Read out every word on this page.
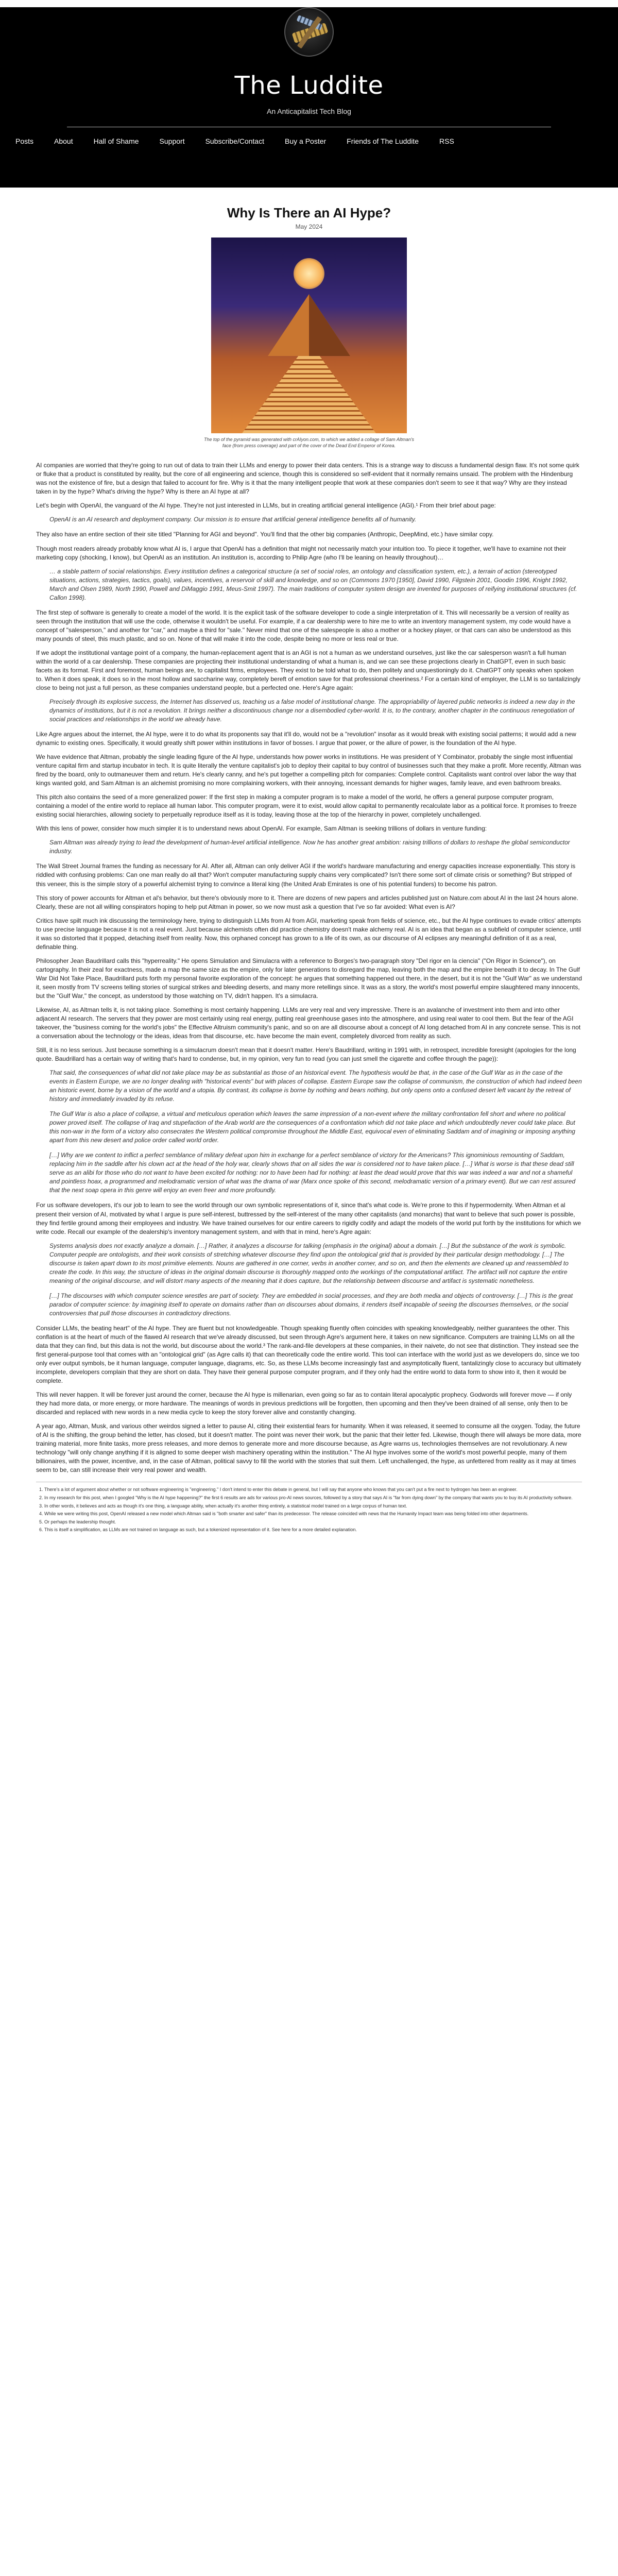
The Luddite
An Anticapitalist Tech Blog
Posts	About	Hall of Shame	Support	Subscribe/Contact	Buy a Poster	Friends of The Luddite	RSS
Why Is There an AI Hype?
May 2024
The top of the pyramid was generated with crAIyon.com, to which we added a collage of Sam Altman's face (from press coverage) and part of the cover of the Dead End Emperor of Korea.

AI companies are worried that they're going to run out of data to train their LLMs and energy to power their data centers. This is a strange way to discuss a fundamental design flaw. It's not some quirk or fluke that a product is constituted by reality, but the core of all engineering and science, though this is considered so self-evident that it normally remains unsaid. The problem with the Hindenburg was not the existence of fire, but a design that failed to account for fire. Why is it that the many intelligent people that work at these companies don't seem to see it that way? Why are they instead taken in by the hype? What's driving the hype? Why is there an AI hype at all?

Let's begin with OpenAI, the vanguard of the AI hype. They're not just interested in LLMs, but in creating artificial general intelligence (AGI).¹ From their brief about page:

OpenAI is an AI research and deployment company. Our mission is to ensure that artificial general intelligence benefits all of humanity.

They also have an entire section of their site titled "Planning for AGI and beyond". You'll find that the other big companies (Anthropic, DeepMind, etc.) have similar copy.

Though most readers already probably know what AI is, I argue that OpenAI has a definition that might not necessarily match your intuition too. To piece it together, we'll have to examine not their marketing copy (shocking, I know), but OpenAI as an institution. An institution is, according to Philip Agre (who I'll be leaning on heavily throughout)…

… a stable pattern of social relationships. Every institution defines a categorical structure (a set of social roles, an ontology and classification system, etc.), a terrain of action (stereotyped situations, actions, strategies, tactics, goals), values, incentives, a reservoir of skill and knowledge, and so on (Commons 1970 [1950], David 1990, Filgstein 2001, Goodin 1996, Knight 1992, March and Olsen 1989, North 1990, Powell and DiMaggio 1991, Meus-Smit 1997). The main traditions of computer system design are invented for purposes of reifying institutional structures (cf. Callon 1998).

The first step of software is generally to create a model of the world. It is the explicit task of the software developer to code a single interpretation of it. This will necessarily be a version of reality as seen through the institution that will use the code, otherwise it wouldn't be useful. For example, if a car dealership were to hire me to write an inventory management system, my code would have a concept of "salesperson," and another for "car," and maybe a third for "sale." Never mind that one of the salespeople is also a mother or a hockey player, or that cars can also be understood as this many pounds of steel, this much plastic, and so on. None of that will make it into the code, despite being no more or less real or true.

If we adopt the institutional vantage point of a company, the human-replacement agent that is an AGI is not a human as we understand ourselves, just like the car salesperson wasn't a full human within the world of a car dealership. These companies are projecting their institutional understanding of what a human is, and we can see these projections clearly in ChatGPT, even in such basic facets as its format. First and foremost, human beings are, to capitalist firms, employees. They exist to be told what to do, then politely and unquestioningly do it. ChatGPT only speaks when spoken to. When it does speak, it does so in the most hollow and saccharine way, completely bereft of emotion save for that professional cheeriness.² For a certain kind of employer, the LLM is so tantalizingly close to being not just a full person, as these companies understand people, but a perfected one. Here's Agre again:

Precisely through its explosive success, the Internet has disserved us, teaching us a false model of institutional change. The appropriability of layered public networks is indeed a new day in the dynamics of institutions, but it is not a revolution. It brings neither a discontinuous change nor a disembodied cyber-world. It is, to the contrary, another chapter in the continuous renegotiation of social practices and relationships in the world we already have.

Like Agre argues about the internet, the AI hype, were it to do what its proponents say that it'll do, would not be a "revolution" insofar as it would break with existing social patterns; it would add a new dynamic to existing ones. Specifically, it would greatly shift power within institutions in favor of bosses. I argue that power, or the allure of power, is the foundation of the AI hype.

We have evidence that Altman, probably the single leading figure of the AI hype, understands how power works in institutions. He was president of Y Combinator, probably the single most influential venture capital firm and startup incubator in tech. It is quite literally the venture capitalist's job to deploy their capital to buy control of businesses such that they make a profit. More recently, Altman was fired by the board, only to outmaneuver them and return. He's clearly canny, and he's put together a compelling pitch for companies: Complete control. Capitalists want control over labor the way that kings wanted gold, and Sam Altman is an alchemist promising no more complaining workers, with their annoying, incessant demands for higher wages, family leave, and even bathroom breaks.

This pitch also contains the seed of a more generalized power: If the first step in making a computer program is to make a model of the world, he offers a general purpose computer program, containing a model of the entire world to replace all human labor. This computer program, were it to exist, would allow capital to permanently recalculate labor as a political force. It promises to freeze existing social hierarchies, allowing society to perpetually reproduce itself as it is today, leaving those at the top of the hierarchy in power, completely unchallenged.

With this lens of power, consider how much simpler it is to understand news about OpenAI. For example, Sam Altman is seeking trillions of dollars in venture funding:

Sam Altman was already trying to lead the development of human-level artificial intelligence. Now he has another great ambition: raising trillions of dollars to reshape the global semiconductor industry.

The Wall Street Journal frames the funding as necessary for AI. After all, Altman can only deliver AGI if the world's hardware manufacturing and energy capacities increase exponentially. This story is riddled with confusing problems: Can one man really do all that? Won't computer manufacturing supply chains very complicated? Isn't there some sort of climate crisis or something? But stripped of this veneer, this is the simple story of a powerful alchemist trying to convince a literal king (the United Arab Emirates is one of his potential funders) to become his patron.

This story of power accounts for Altman et al's behavior, but there's obviously more to it. There are dozens of new papers and articles published just on Nature.com about AI in the last 24 hours alone. Clearly, these are not all willing conspirators hoping to help put Altman in power, so we now must ask a question that I've so far avoided: What even is AI?

Critics have spilt much ink discussing the terminology here, trying to distinguish LLMs from AI from AGI, marketing speak from fields of science, etc., but the AI hype continues to evade critics' attempts to use precise language because it is not a real event. Just because alchemists often did practice chemistry doesn't make alchemy real. AI is an idea that began as a subfield of computer science, until it was so distorted that it popped, detaching itself from reality. Now, this orphaned concept has grown to a life of its own, as our discourse of AI eclipses any meaningful definition of it as a real, definable thing.

Philosopher Jean Baudrillard calls this "hyperreality." He opens Simulation and Simulacra with a reference to Borges's two-paragraph story "Del rigor en la ciencia" ("On Rigor in Science"), on cartography. In their zeal for exactness, made a map the same size as the empire, only for later generations to disregard the map, leaving both the map and the empire beneath it to decay. In The Gulf War Did Not Take Place, Baudrillard puts forth my personal favorite exploration of the concept: he argues that something happened out there, in the desert, but it is not the "Gulf War" as we understand it, seen mostly from TV screens telling stories of surgical strikes and bleeding deserts, and many more retellings since. It was as a story, the world's most powerful empire slaughtered many innocents, but the "Gulf War," the concept, as understood by those watching on TV, didn't happen. It's a simulacra.

Likewise, AI, as Altman tells it, is not taking place. Something is most certainly happening. LLMs are very real and very impressive. There is an avalanche of investment into them and into other adjacent AI research. The servers that they power are most certainly using real energy, putting real greenhouse gases into the atmosphere, and using real water to cool them. But the fear of the AGI takeover, the "business coming for the world's jobs" the Effective Altruism community's panic, and so on are all discourse about a concept of AI long detached from AI in any concrete sense. This is not a conversation about the technology or the ideas, ideas from that discourse, etc. have become the main event, completely divorced from reality as such.

Still, it is no less serious. Just because something is a simulacrum doesn't mean that it doesn't matter. Here's Baudrillard, writing in 1991 with, in retrospect, incredible foresight (apologies for the long quote. Baudrillard has a certain way of writing that's hard to condense, but, in my opinion, very fun to read (you can just smell the cigarette and coffee through the page)):

That said, the consequences of what did not take place may be as substantial as those of an historical event. The hypothesis would be that, in the case of the Gulf War as in the case of the events in Eastern Europe, we are no longer dealing with "historical events" but with places of collapse. Eastern Europe saw the collapse of communism, the construction of which had indeed been an historic event, borne by a vision of the world and a utopia. By contrast, its collapse is borne by nothing and bears nothing, but only opens onto a confused desert left vacant by the retreat of history and immediately invaded by its refuse.

The Gulf War is also a place of collapse, a virtual and meticulous operation which leaves the same impression of a non-event where the military confrontation fell short and where no political power proved itself. The collapse of Iraq and stupefaction of the Arab world are the consequences of a confrontation which did not take place and which undoubtedly never could take place. But this non-war in the form of a victory also consecrates the Western political compromise throughout the Middle East, equivocal even of eliminating Saddam and of imagining or imposing anything apart from this new desert and police order called world order.

[…] Why are we content to inflict a perfect semblance of military defeat upon him in exchange for a perfect semblance of victory for the Americans? This ignominious remounting of Saddam, replacing him in the saddle after his clown act at the head of the holy war, clearly shows that on all sides the war is considered not to have taken place. […] What is worse is that these dead still serve as an alibi for those who do not want to have been excited for nothing: nor to have been had for nothing: at least the dead would prove that this war was indeed a war and not a shameful and pointless hoax, a programmed and melodramatic version of what was the drama of war (Marx once spoke of this second, melodramatic version of a primary event). But we can rest assured that the next soap opera in this genre will enjoy an even freer and more profoundly.

For us software developers, it's our job to learn to see the world through our own symbolic representations of it, since that's what code is. We're prone to this if hypermodernity. When Altman et al present their version of AI, motivated by what I argue is pure self-interest, buttressed by the self-interest of the many other capitalists (and monarchs) that want to believe that such power is possible, they find fertile ground among their employees and industry. We have trained ourselves for our entire careers to rigidly codify and adapt the models of the world put forth by the institutions for which we write code. Recall our example of the dealership's inventory management system, and with that in mind, here's Agre again:

Systems analysis does not exactly analyze a domain. […] Rather, it analyzes a discourse for talking (emphasis in the original) about a domain. […] But the substance of the work is symbolic. Computer people are ontologists, and their work consists of stretching whatever discourse they find upon the ontological grid that is provided by their particular design methodology. […] The discourse is taken apart down to its most primitive elements. Nouns are gathered in one corner, verbs in another corner, and so on, and then the elements are cleaned up and reassembled to create the code. In this way, the structure of ideas in the original domain discourse is thoroughly mapped onto the workings of the computational artifact. The artifact will not capture the entire meaning of the original discourse, and will distort many aspects of the meaning that it does capture, but the relationship between discourse and artifact is systematic nonetheless.

[…] The discourses with which computer science wrestles are part of society. They are embedded in social processes, and they are both media and objects of controversy. […] This is the great paradox of computer science: by imagining itself to operate on domains rather than on discourses about domains, it renders itself incapable of seeing the discourses themselves, or the social controversies that pull those discourses in contradictory directions.

Consider LLMs, the beating heart" of the AI hype. They are fluent but not knowledgeable. Though speaking fluently often coincides with speaking knowledgeably, neither guarantees the other. This conflation is at the heart of much of the flawed AI research that we've already discussed, but seen through Agre's argument here, it takes on new significance. Computers are training LLMs on all the data that they can find, but this data is not the world, but discourse about the world.³ The rank-and-file developers at these companies, in their naivete, do not see that distinction. They instead see the first general-purpose tool that comes with an "ontological grid" (as Agre calls it) that can theoretically code the entire world. This tool can interface with the world just as we developers do, since we too only ever output symbols, be it human language, computer language, diagrams, etc. So, as these LLMs become increasingly fast and asymptotically fluent, tantalizingly close to accuracy but ultimately incomplete, developers complain that they are short on data. They have their general purpose computer program, and if they only had the entire world to data form to show into it, then it would be complete.

This will never happen. It will be forever just around the corner, because the AI hype is millenarian, even going so far as to contain literal apocalyptic prophecy. Godwords will forever move — if only they had more data, or more energy, or more hardware. The meanings of words in previous predictions will be forgotten, then upcoming and then they've been drained of all sense, only then to be discarded and replaced with new words in a new media cycle to keep the story forever alive and constantly changing.

A year ago, Altman, Musk, and various other weirdos signed a letter to pause AI, citing their existential fears for humanity. When it was released, it seemed to consume all the oxygen. Today, the future of AI is the shifting, the group behind the letter, has closed, but it doesn't matter. The point was never their work, but the panic that their letter fed. Likewise, though there will always be more data, more training material, more finite tasks, more press releases, and more demos to generate more and more discourse because, as Agre warns us, technologies themselves are not revolutionary. A new technology "will only change anything if it is aligned to some deeper wish machinery operating within the institution." The AI hype involves some of the world's most powerful people, many of them billionaires, with the power, incentive, and, in the case of Altman, political savvy to fill the world with the stories that suit them. Left unchallenged, the hype, as unfettered from reality as it may at times seem to be, can still increase their very real power and wealth.

1. There's a lot of argument about whether or not software engineering is "engineering." I don't intend to enter this debate in general, but I will say that anyone who knows that you can't put a fire next to hydrogen has been an engineer.
2. In my research for this post, when I googled "Why is the AI hype happening?" the first 6 results are ads for various pro-AI news sources, followed by a story that says AI is "far from dying down" by the company that wants you to buy its AI productivity software.
3. In other words, it believes and acts as though it's one thing, a language ability, when actually it's another thing entirely, a statistical model trained on a large corpus of human text.
4. While we were writing this post, OpenAI released a new model which Altman said is "both smarter and safer" than its predecessor. The release coincided with news that the Humanity Impact team was being folded into other departments.
5. Or perhaps the leadership thought.
6. This is itself a simplification, as LLMs are not trained on language as such, but a tokenized representation of it. See here for a more detailed explanation.
